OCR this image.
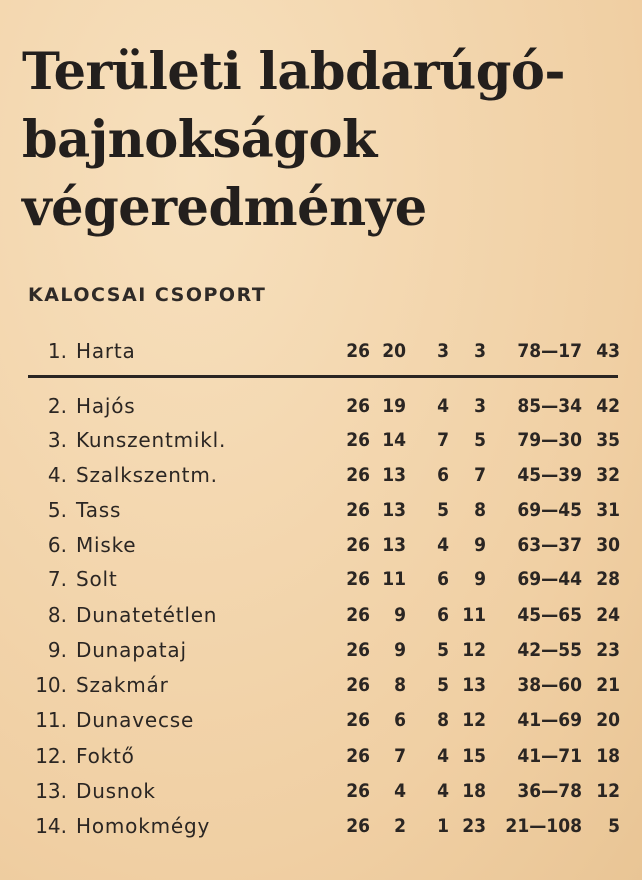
Területi labdarúgó-
bajnokságok
végeredménye
KALOCSAI CSOPORT
1. Harta	26 20 3 3 78—17 43
2. Hajós	26 19 4 3 85—34 42
3. Kunszentmikl.	26 14 7 5 79—30 35
4. Szalkszentm.	26 13 6 7 45—39 32
5. Tass	26 13 5 8 69—45 31
6. Miske	26 13 4 9 63—37 30
7. Solt	26 11 6 9 69—44 28
8. Dunatetétlen	26 9 6 11 45—65 24
9. Dunapataj	26 9 5 12 42—55 23
10. Szakmár	26 8 5 13 38—60 21
11. Dunavecse	26 6 8 12 41—69 20
12. Foktő	26 7 4 15 41—71 18
13. Dusnok	26 4 4 18 36—78 12
14. Homokmégy	26 2 1 23 21—108 5
